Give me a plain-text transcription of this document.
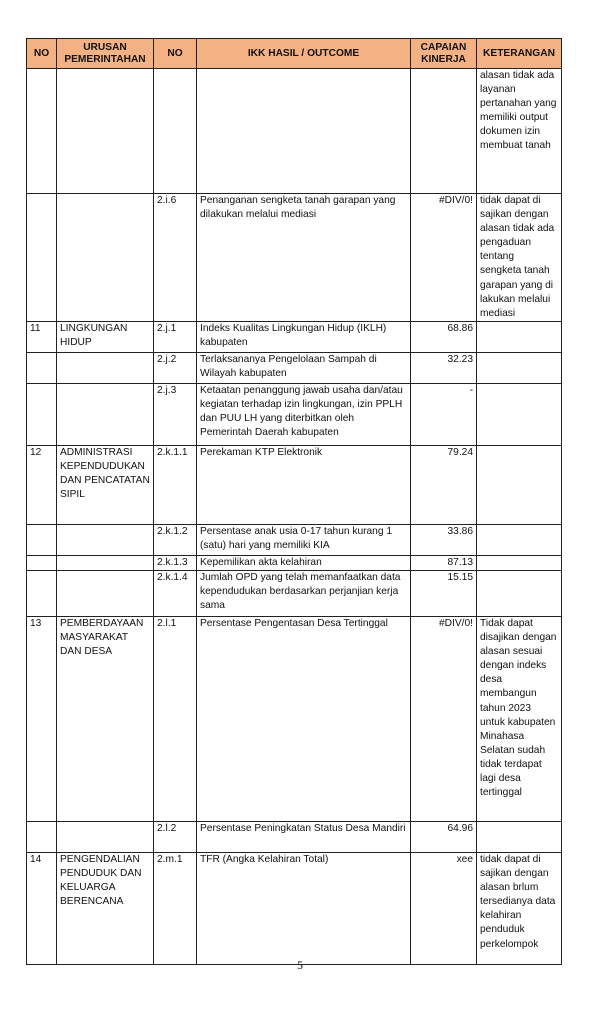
NO	URUSAN PEMERINTAHAN	NO	IKK HASIL / OUTCOME	CAPAIAN KINERJA	KETERANGAN
					alasan tidak ada layanan pertanahan yang memiliki output dokumen izin membuat tanah
		2.i.6	Penanganan sengketa tanah garapan yang dilakukan melalui mediasi	#DIV/0!	tidak dapat di sajikan dengan alasan tidak ada pengaduan tentang sengketa tanah garapan yang di lakukan melalui mediasi
11	LINGKUNGAN HIDUP	2.j.1	Indeks Kualitas Lingkungan Hidup (IKLH) kabupaten	68.86	
		2.j.2	Terlaksananya Pengelolaan Sampah di Wilayah kabupaten	32.23	
		2.j.3	Ketaatan penanggung jawab usaha dan/atau kegiatan terhadap izin lingkungan, izin PPLH dan PUU LH yang diterbitkan oleh Pemerintah Daerah kabupaten	-	
12	ADMINISTRASI KEPENDUDUKAN DAN PENCATATAN SIPIL	2.k.1.1	Perekaman KTP Elektronik	79.24	
		2.k.1.2	Persentase anak usia 0-17 tahun kurang 1 (satu) hari yang memiliki KIA	33.86	
		2.k.1.3	Kepemilikan akta kelahiran	87.13	
		2.k.1.4	Jumlah OPD yang telah memanfaatkan data kependudukan berdasarkan perjanjian kerja sama	15.15	
13	PEMBERDAYAAN MASYARAKAT DAN DESA	2.l.1	Persentase Pengentasan Desa Tertinggal	#DIV/0!	Tidak dapat disajikan dengan alasan sesuai dengan indeks desa membangun tahun 2023 untuk kabupaten Minahasa Selatan sudah tidak terdapat lagi desa tertinggal
		2.l.2	Persentase Peningkatan Status Desa Mandiri	64.96	
14	PENGENDALIAN PENDUDUK DAN KELUARGA BERENCANA	2.m.1	TFR (Angka Kelahiran Total)	xee	tidak dapat di sajikan dengan alasan brlum tersedianya data kelahiran penduduk perkelompok
5
